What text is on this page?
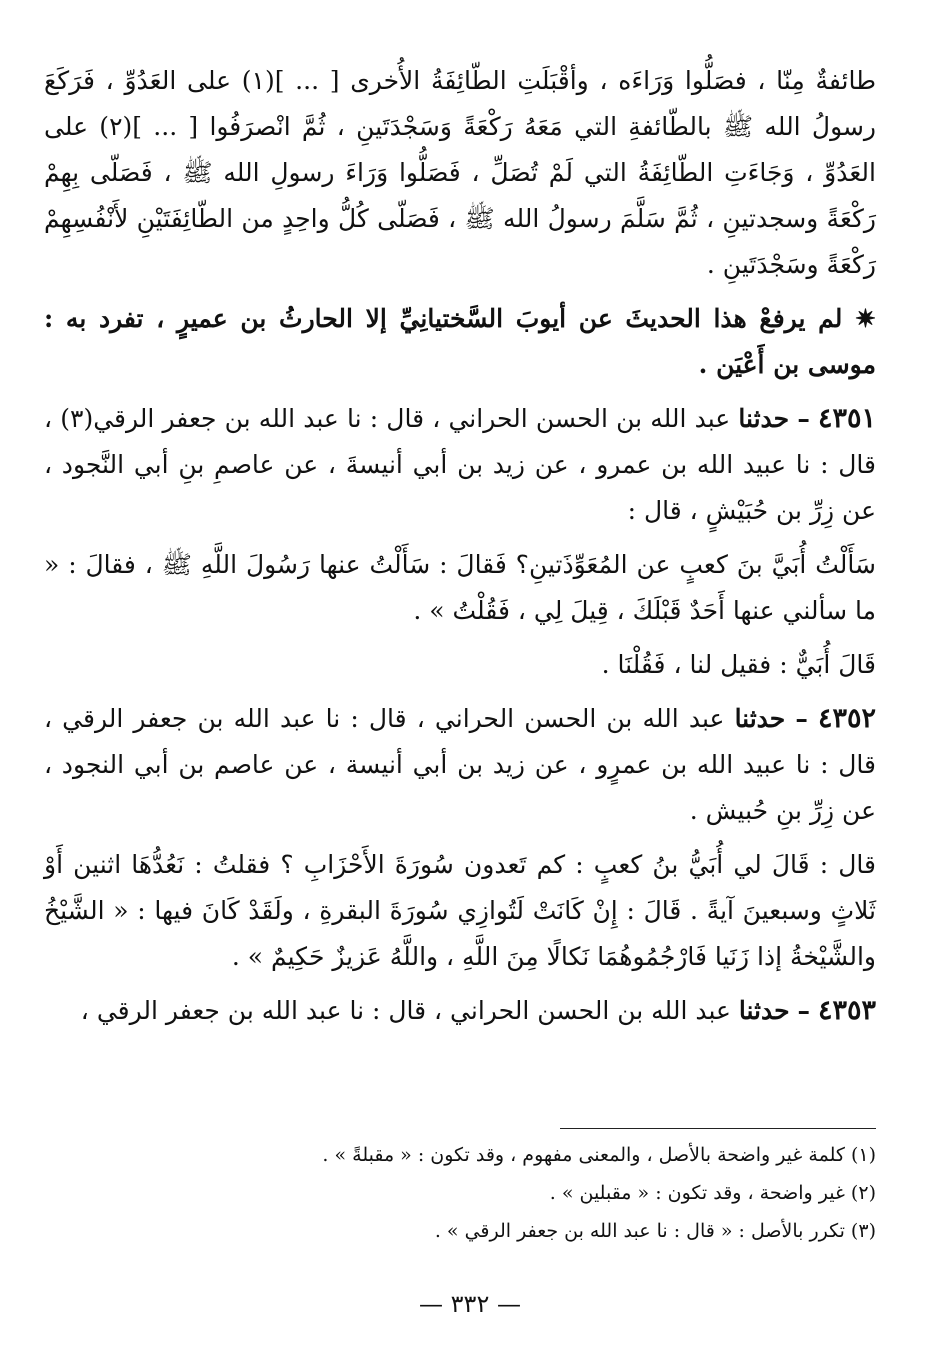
طائفةٌ مِنّا ، فصَلُّوا وَرَاءَه ، وأقْبَلَتِ الطّائِفَةُ الأُخرى [ ... ](١) على العَدُوِّ ، فَرَكَعَ رسولُ الله ﷺ بالطّائفةِ التي مَعَهُ رَكْعَةً وَسَجْدَتَينِ ، ثُمَّ انْصرَفُوا [ ... ](٢) على العَدُوِّ ، وَجَاءَتِ الطّائِفَةُ التي لَمْ تُصَلِّ ، فَصَلُّوا وَرَاءَ رسولِ الله ﷺ ، فَصَلّى بِهِمْ رَكْعَةً وسجدتينِ ، ثُمَّ سَلَّمَ رسولُ الله ﷺ ، فَصَلّى كُلُّ واحِدٍ من الطّائِفَتَيْنِ لأَنْفُسِهِمْ رَكْعَةً وسَجْدَتَينِ .

✷ لم يرفعْ هذا الحديثَ عن أيوبَ السَّختيانِيِّ إلا الحارثُ بن عميرٍ ، تفرد به : موسى بن أَعْيَن .

٤٣٥١ – حدثنا عبد الله بن الحسن الحراني ، قال : نا عبد الله بن جعفر الرقي(٣) ، قال : نا عبيد الله بن عمرو ، عن زيد بن أبي أنيسةَ ، عن عاصمِ بنِ أبي النَّجود ، عن زِرِّ بن حُبَيْشٍ ، قال :

سَأَلْتُ أُبَيَّ بنَ كعبٍ عن المُعَوِّذَتينِ؟ فَقالَ : سَأَلْتُ عنها رَسُولَ اللَّهِ ﷺ ، فقالَ : « ما سألني عنها أَحَدٌ قَبْلَكَ ، قِيلَ لِي ، فَقُلْتُ » .

قَالَ أُبَيٌّ : فقيل لنا ، فَقُلْنَا .

٤٣٥٢ – حدثنا عبد الله بن الحسن الحراني ، قال : نا عبد الله بن جعفر الرقي ، قال : نا عبيد الله بن عمرٍو ، عن زيد بن أبي أنيسة ، عن عاصم بن أبي النجود ، عن زِرِّ بنِ حُبيش .

قال : قَالَ لي أُبَيُّ بنُ كعبٍ : كم تَعدون سُورَةَ الأَحْزَابِ ؟ فقلتُ : نَعُدُّهَا اثنين أَوْ ثَلاثٍ وسبعينَ آيةً . قَالَ : إِنْ كَانَتْ لَتُوازِي سُورَةَ البقرةِ ، ولَقَدْ كَانَ فيها : « الشَّيْخُ والشَّيْخةُ إذا زَنَيا فَارْجُمُوهُمَا نَكالًا مِنَ اللَّهِ ، واللَّهُ عَزيزٌ حَكِيمٌ » .

٤٣٥٣ – حدثنا عبد الله بن الحسن الحراني ، قال : نا عبد الله بن جعفر الرقي ،

(١) كلمة غير واضحة بالأصل ، والمعنى مفهوم ، وقد تكون : « مقبلةً » .

(٢) غير واضحة ، وقد تكون : « مقبلين » .

(٣) تكرر بالأصل : « قال : نا عبد الله بن جعفر الرقي » .

— ٣٣٢ —
